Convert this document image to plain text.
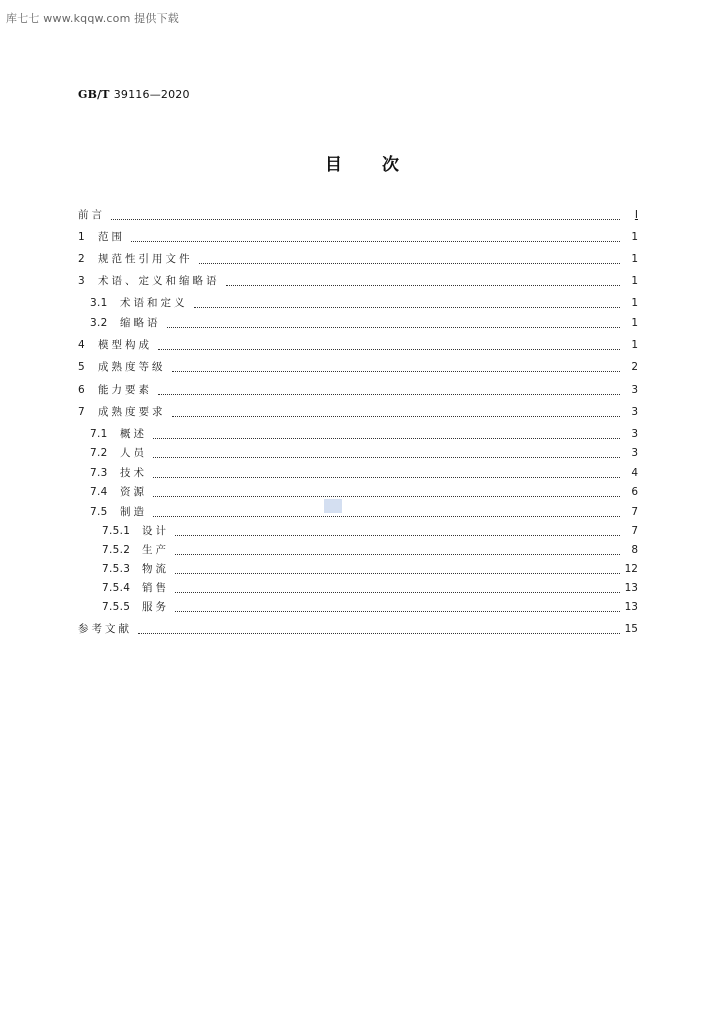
库七七 www.kqqw.com 提供下载
GB/T 39116—2020
目 次
前言	Ⅰ
1	范围	1
2	规范性引用文件	1
3	术语、定义和缩略语	1
3.1	术语和定义	1
3.2	缩略语	1
4	模型构成	1
5	成熟度等级	2
6	能力要素	3
7	成熟度要求	3
7.1	概述	3
7.2	人员	3
7.3	技术	4
7.4	资源	6
7.5	制造	7
7.5.1	设计	7
7.5.2	生产	8
7.5.3	物流	12
7.5.4	销售	13
7.5.5	服务	13
参考文献	15
